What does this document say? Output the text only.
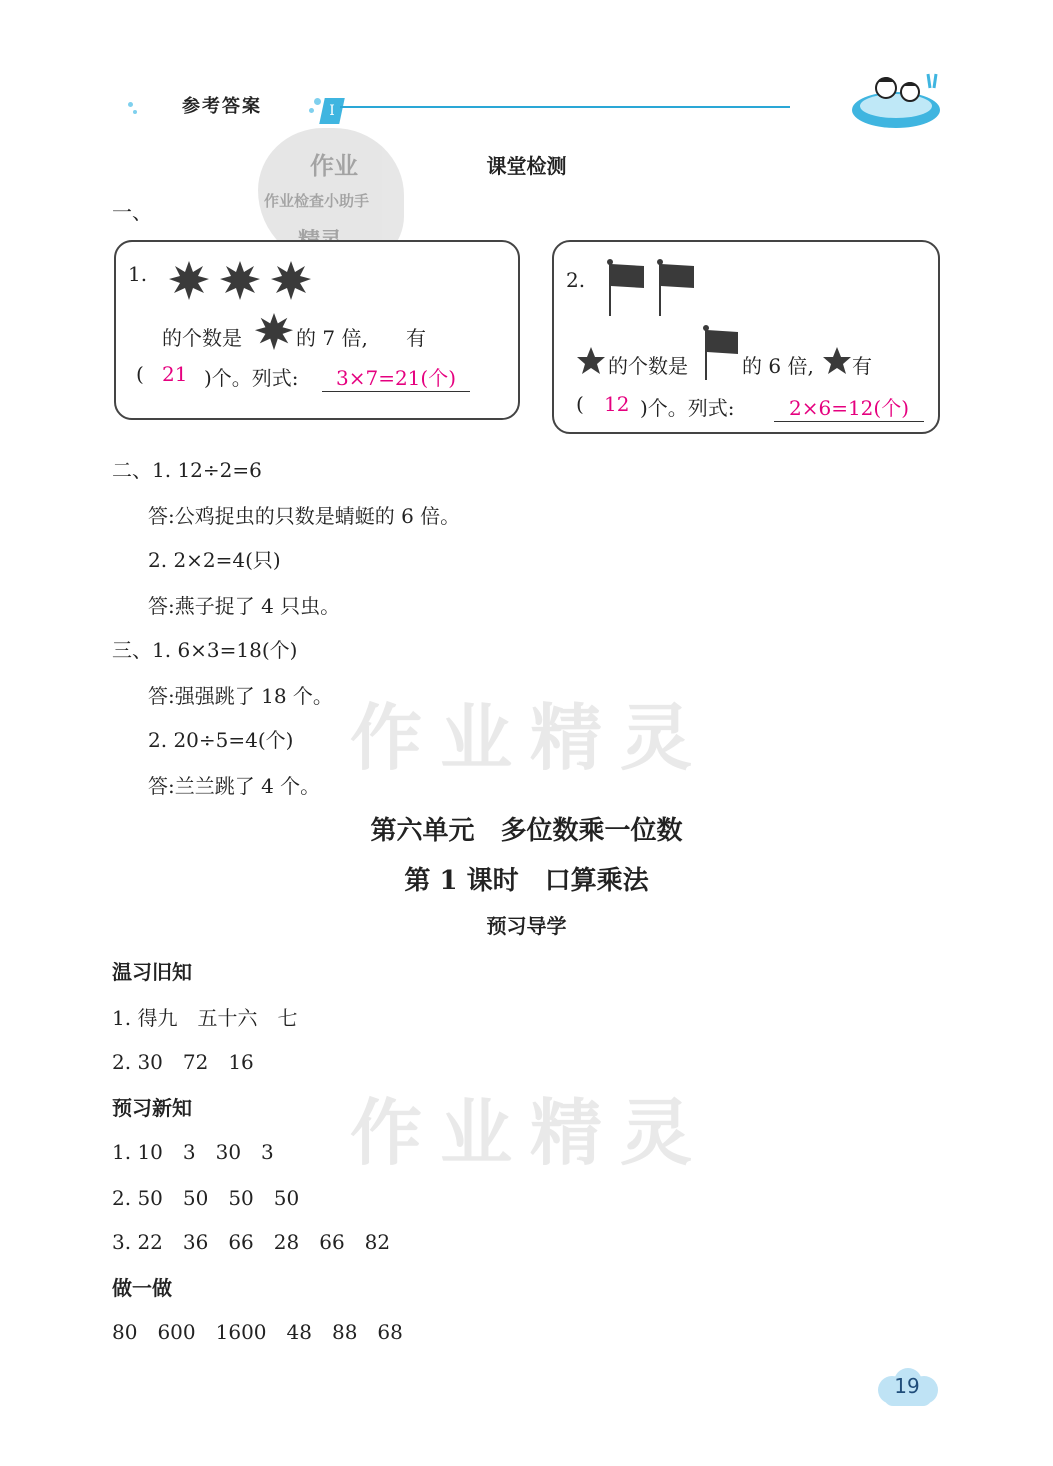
参考答案	I
作业
作业检查小助手
作业精灵
作业精灵
课堂检测
一、
1.
的个数是	的 7 倍, 有
( 21 )个。列式:	3×7=21(个)
2.
的个数是	的 6 倍, 有
( 12 )个。列式:	2×6=12(个)
二、1. 12÷2=6
答:公鸡捉虫的只数是蜻蜓的 6 倍。
2. 2×2=4(只)
答:燕子捉了 4 只虫。
三、1. 6×3=18(个)
答:强强跳了 18 个。
2. 20÷5=4(个)
答:兰兰跳了 4 个。
第六单元　多位数乘一位数
第 1 课时　口算乘法
预习导学
温习旧知
1. 得九　五十六　七
2. 30　72　16
预习新知
1. 10　3　30　3
2. 50　50　50　50
3. 22　36　66　28　66　82
做一做
80　600　1600　48　88　68
19
